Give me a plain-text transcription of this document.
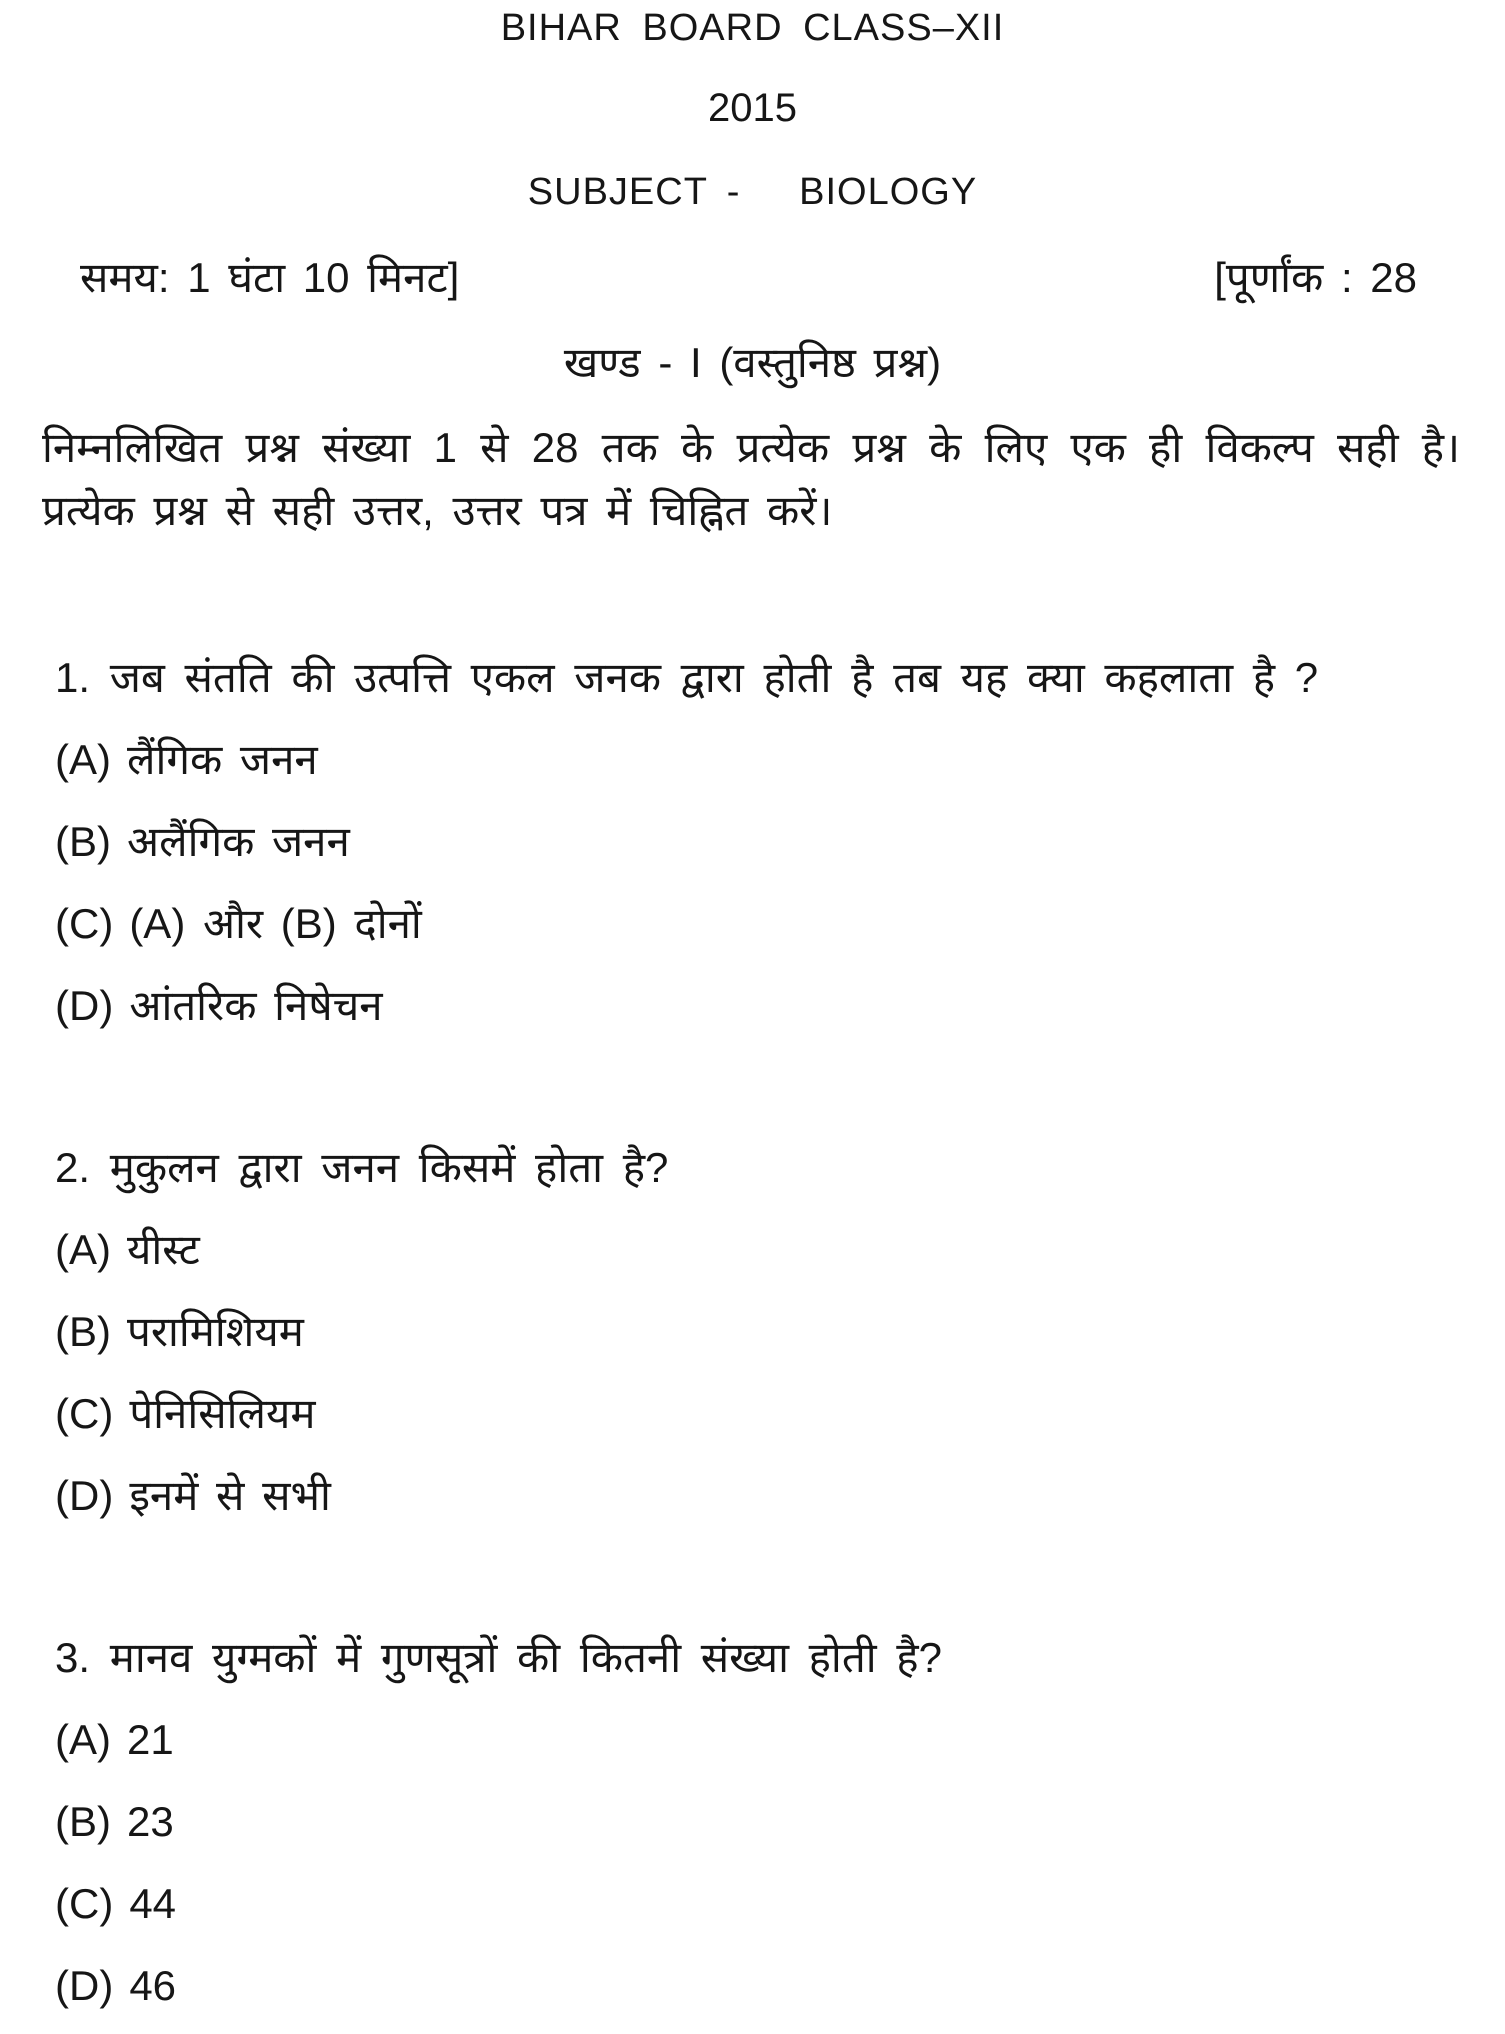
BIHAR BOARD CLASS–XII
2015
SUBJECT -   BIOLOGY
समय: 1 घंटा 10 मिनट]	[पूर्णांक : 28
खण्ड - I (वस्तुनिष्ठ प्रश्न)
निम्नलिखित प्रश्न संख्या 1 से 28 तक के प्रत्येक प्रश्न के लिए एक ही विकल्प सही है। प्रत्येक प्रश्न से सही उत्तर, उत्तर पत्र में चिह्नित करें।
1. जब संतति की उत्पत्ति एकल जनक द्वारा होती है तब यह क्या कहलाता है ?
(A) लैंगिक जनन
(B) अलैंगिक जनन
(C) (A) और (B) दोनों
(D) आंतरिक निषेचन
2. मुकुलन द्वारा जनन किसमें होता है?
(A) यीस्ट
(B) परामिशियम
(C) पेनिसिलियम
(D) इनमें से सभी
3. मानव युग्मकों में गुणसूत्रों की कितनी संख्या होती है?
(A) 21
(B) 23
(C) 44
(D) 46
